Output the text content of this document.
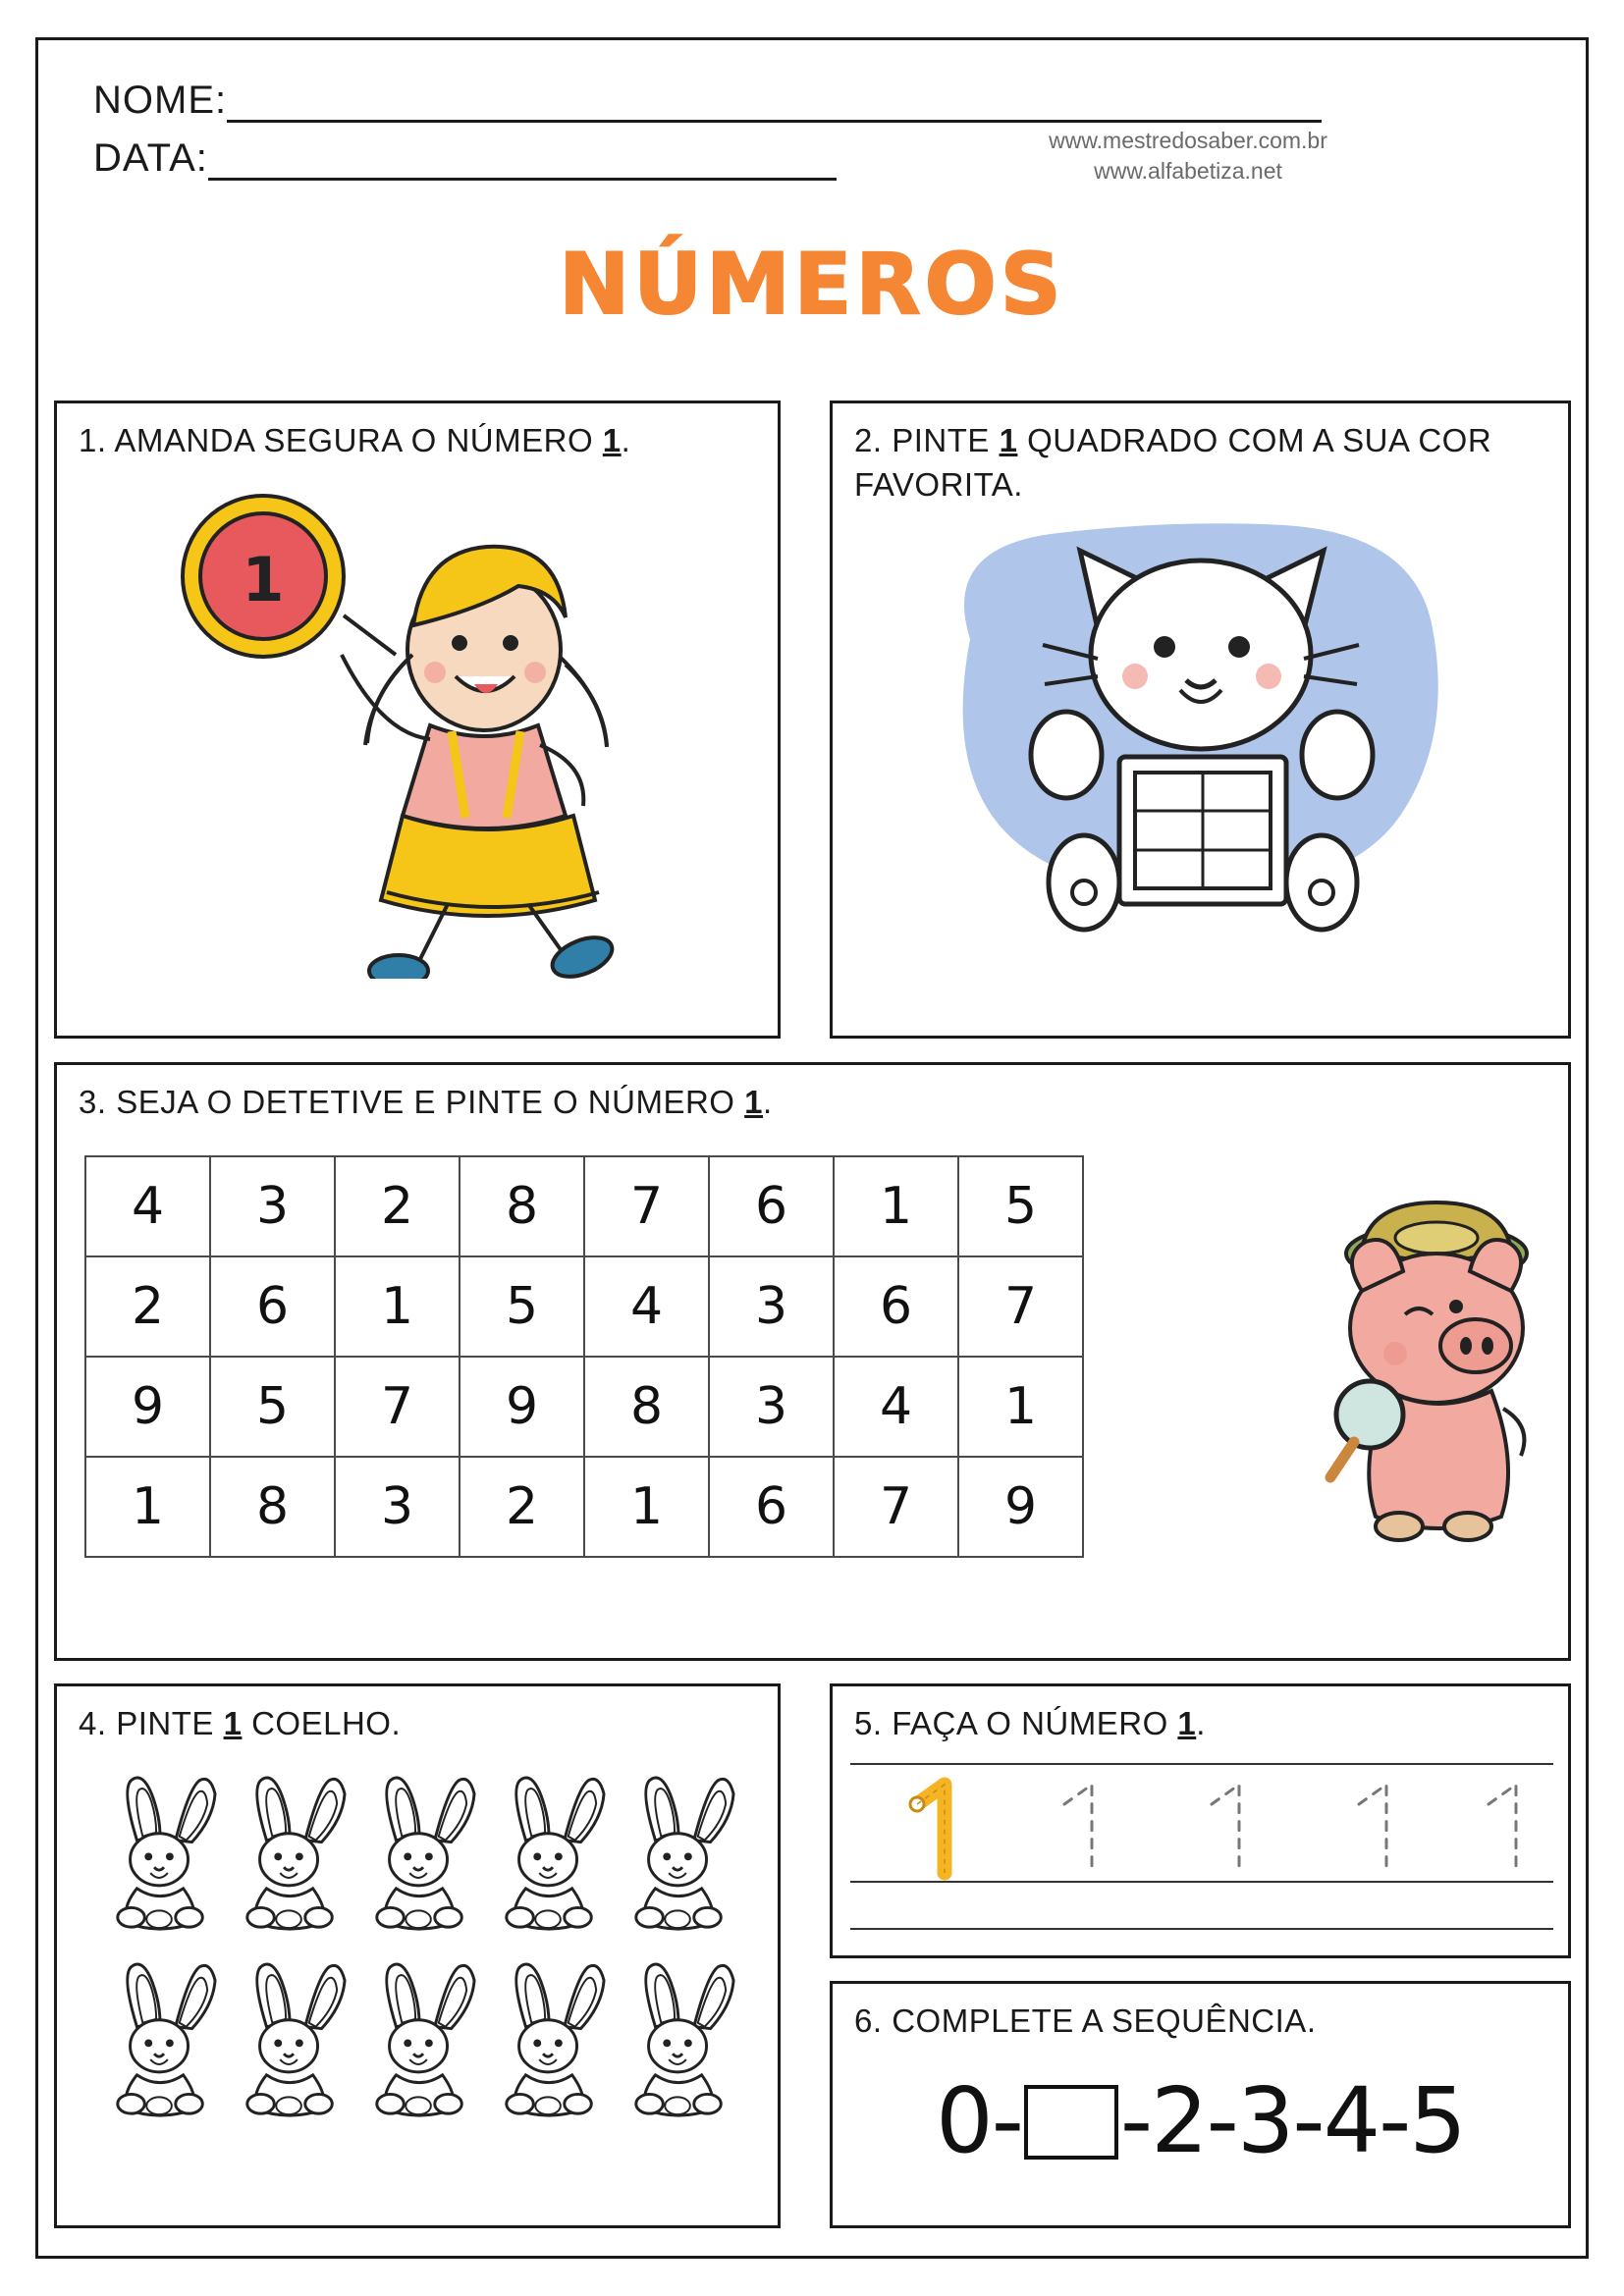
NOME:
DATA:	www.mestredosaber.com.br
www.alfabetiza.net
NÚMEROS
1. AMANDA SEGURA O NÚMERO 1.
1
2. PINTE 1 QUADRADO COM A SUA COR FAVORITA.
3. SEJA O DETETIVE E PINTE O NÚMERO 1.
4	3	2	8	7	6	1	5
2	6	1	5	4	3	6	7
9	5	7	9	8	3	4	1
1	8	3	2	1	6	7	9
4. PINTE 1 COELHO.	5. FAÇA O NÚMERO 1.
6. COMPLETE A SEQUÊNCIA.
0- -2-3-4-5
